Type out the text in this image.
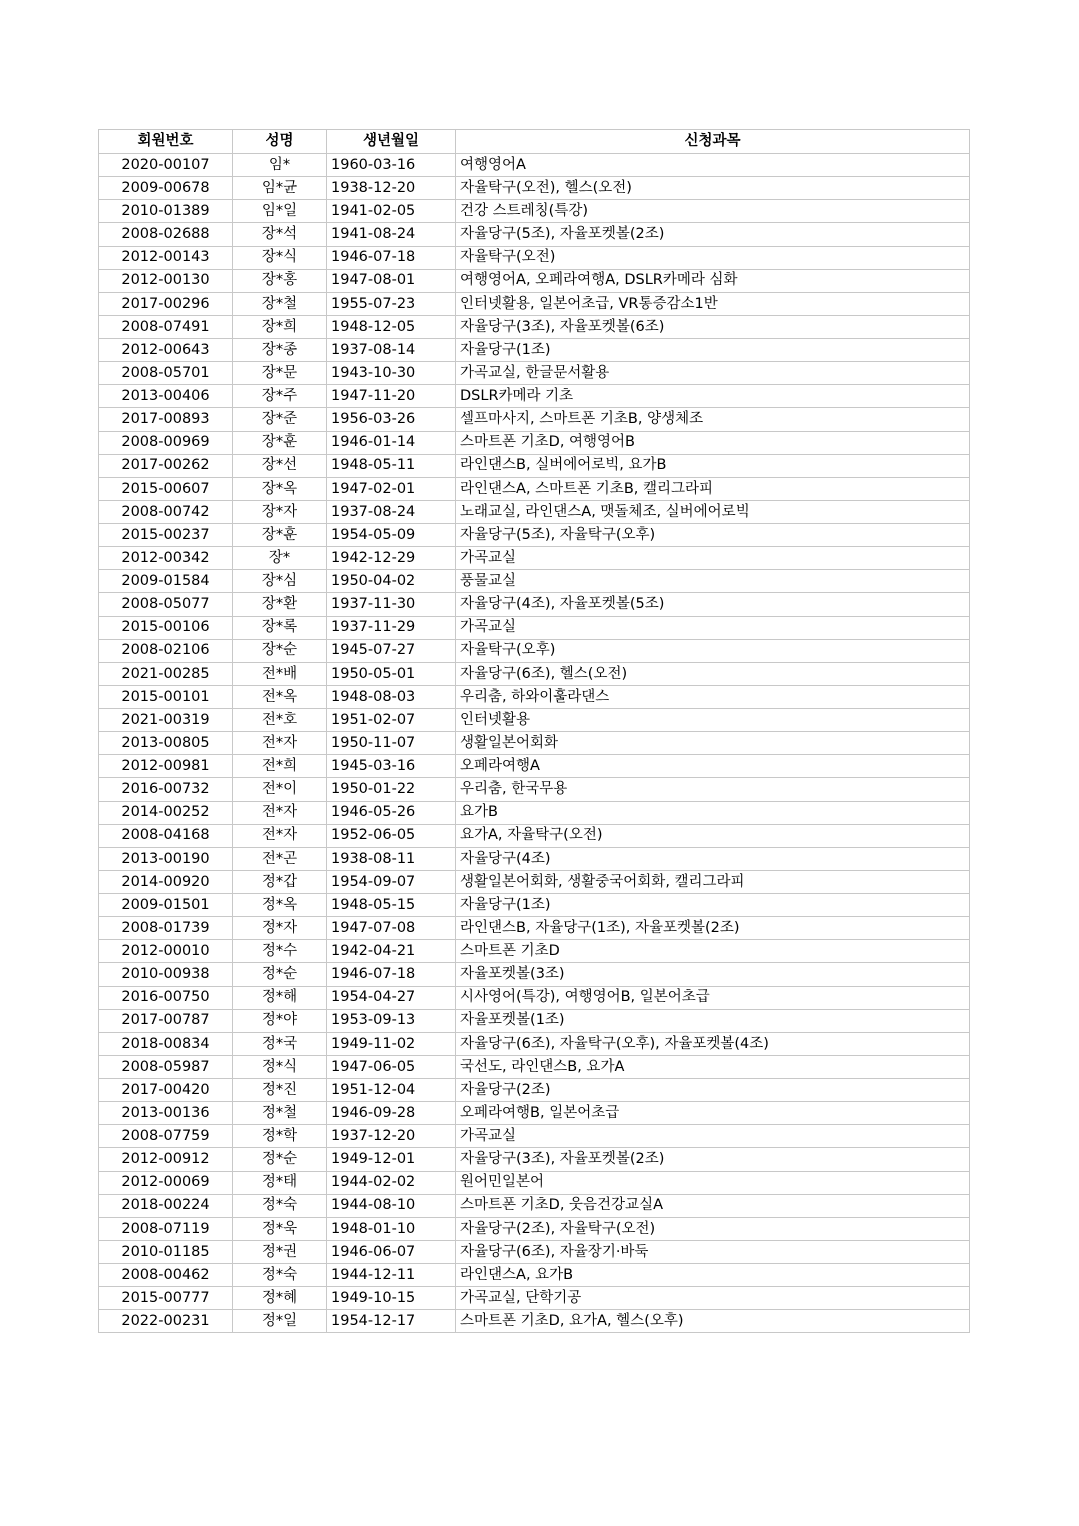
회원번호	성명	생년월일	신청과목
2020-00107	임*	1960-03-16	여행영어A
2009-00678	임*균	1938-12-20	자율탁구(오전), 헬스(오전)
2010-01389	임*일	1941-02-05	건강 스트레칭(특강)
2008-02688	장*석	1941-08-24	자율당구(5조), 자율포켓볼(2조)
2012-00143	장*식	1946-07-18	자율탁구(오전)
2012-00130	장*홍	1947-08-01	여행영어A, 오페라여행A, DSLR카메라 심화
2017-00296	장*철	1955-07-23	인터넷활용, 일본어초급, VR통증감소1반
2008-07491	장*희	1948-12-05	자율당구(3조), 자율포켓볼(6조)
2012-00643	장*종	1937-08-14	자율당구(1조)
2008-05701	장*문	1943-10-30	가곡교실, 한글문서활용
2013-00406	장*주	1947-11-20	DSLR카메라 기초
2017-00893	장*준	1956-03-26	셀프마사지, 스마트폰 기초B, 양생체조
2008-00969	장*훈	1946-01-14	스마트폰 기초D, 여행영어B
2017-00262	장*선	1948-05-11	라인댄스B, 실버에어로빅, 요가B
2015-00607	장*옥	1947-02-01	라인댄스A, 스마트폰 기초B, 캘리그라피
2008-00742	장*자	1937-08-24	노래교실, 라인댄스A, 맷돌체조, 실버에어로빅
2015-00237	장*훈	1954-05-09	자율당구(5조), 자율탁구(오후)
2012-00342	장*	1942-12-29	가곡교실
2009-01584	장*심	1950-04-02	풍물교실
2008-05077	장*환	1937-11-30	자율당구(4조), 자율포켓볼(5조)
2015-00106	장*록	1937-11-29	가곡교실
2008-02106	장*순	1945-07-27	자율탁구(오후)
2021-00285	전*배	1950-05-01	자율당구(6조), 헬스(오전)
2015-00101	전*옥	1948-08-03	우리춤, 하와이훌라댄스
2021-00319	전*호	1951-02-07	인터넷활용
2013-00805	전*자	1950-11-07	생활일본어회화
2012-00981	전*희	1945-03-16	오페라여행A
2016-00732	전*이	1950-01-22	우리춤, 한국무용
2014-00252	전*자	1946-05-26	요가B
2008-04168	전*자	1952-06-05	요가A, 자율탁구(오전)
2013-00190	전*곤	1938-08-11	자율당구(4조)
2014-00920	정*갑	1954-09-07	생활일본어회화, 생활중국어회화, 캘리그라피
2009-01501	정*옥	1948-05-15	자율당구(1조)
2008-01739	정*자	1947-07-08	라인댄스B, 자율당구(1조), 자율포켓볼(2조)
2012-00010	정*수	1942-04-21	스마트폰 기초D
2010-00938	정*순	1946-07-18	자율포켓볼(3조)
2016-00750	정*해	1954-04-27	시사영어(특강), 여행영어B, 일본어초급
2017-00787	정*야	1953-09-13	자율포켓볼(1조)
2018-00834	정*국	1949-11-02	자율당구(6조), 자율탁구(오후), 자율포켓볼(4조)
2008-05987	정*식	1947-06-05	국선도, 라인댄스B, 요가A
2017-00420	정*진	1951-12-04	자율당구(2조)
2013-00136	정*철	1946-09-28	오페라여행B, 일본어초급
2008-07759	정*학	1937-12-20	가곡교실
2012-00912	정*순	1949-12-01	자율당구(3조), 자율포켓볼(2조)
2012-00069	정*태	1944-02-02	원어민일본어
2018-00224	정*숙	1944-08-10	스마트폰 기초D, 웃음건강교실A
2008-07119	정*욱	1948-01-10	자율당구(2조), 자율탁구(오전)
2010-01185	정*권	1946-06-07	자율당구(6조), 자율장기·바둑
2008-00462	정*숙	1944-12-11	라인댄스A, 요가B
2015-00777	정*혜	1949-10-15	가곡교실, 단학기공
2022-00231	정*일	1954-12-17	스마트폰 기초D, 요가A, 헬스(오후)
